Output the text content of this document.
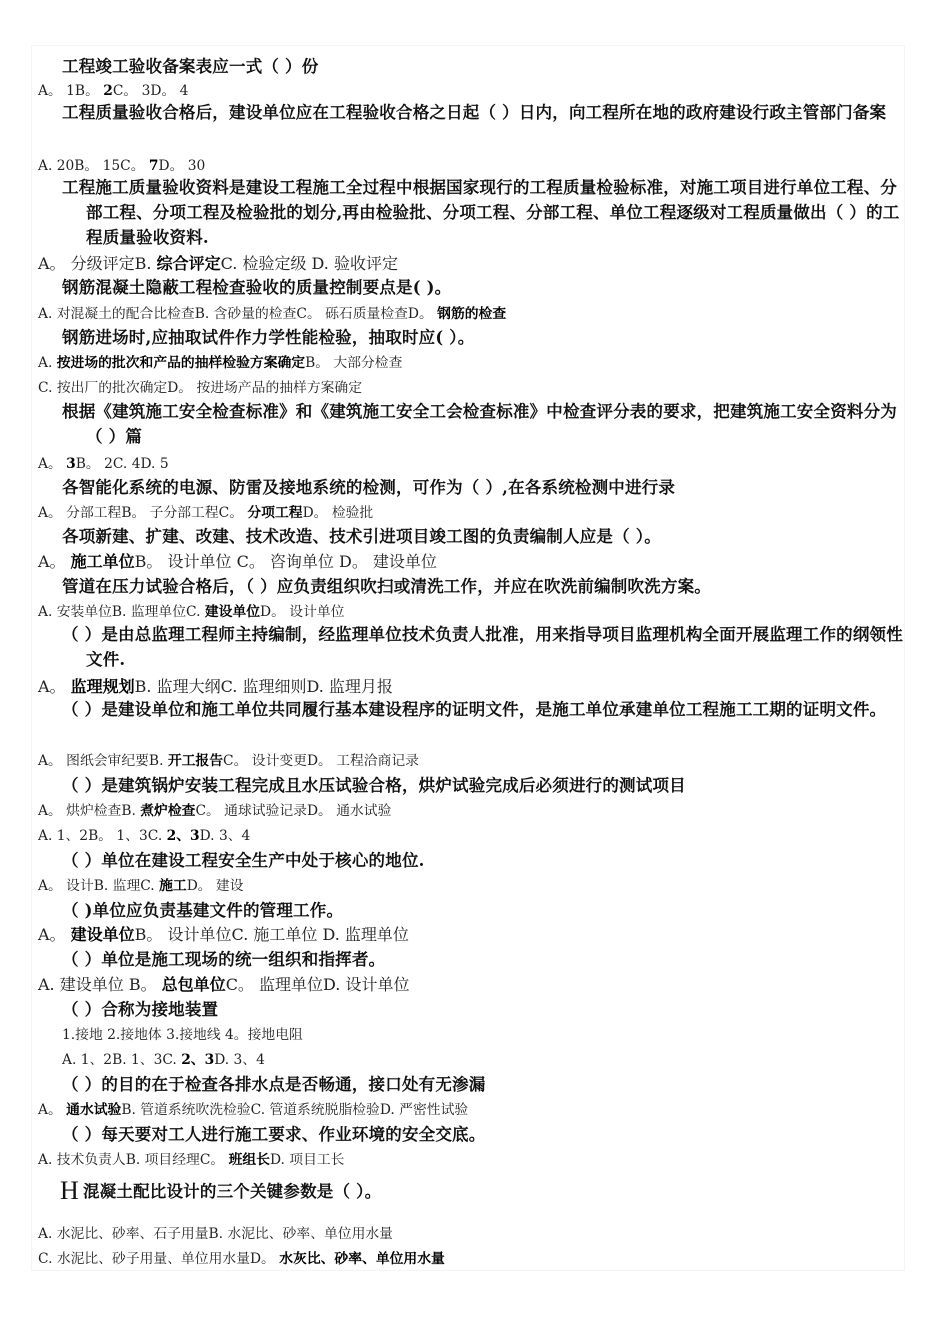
工程竣工验收备案表应一式（ ）份
A。 1B。 2C。 3D。 4
工程质量验收合格后，建设单位应在工程验收合格之日起（ ）日内，向工程所在地的政府建设行政主管部门备案
A. 20B。 15C。 7D。 30
工程施工质量验收资料是建设工程施工全过程中根据国家现行的工程质量检验标准，对施工项目进行单位工程、分部工程、分项工程及检验批的划分,再由检验批、分项工程、分部工程、单位工程逐级对工程质量做出（ ）的工程质量验收资料.
A。 分级评定B. 综合评定C. 检验定级 D. 验收评定
钢筋混凝土隐蔽工程检查验收的质量控制要点是( )。
A. 对混凝土的配合比检查B. 含砂量的检查C。 砾石质量检查D。 钢筋的检查
钢筋进场时,应抽取试件作力学性能检验，抽取时应( ）。
A. 按进场的批次和产品的抽样检验方案确定B。 大部分检查
C. 按出厂的批次确定D。 按进场产品的抽样方案确定
根据《建筑施工安全检查标准》和《建筑施工安全工会检查标准》中检查评分表的要求，把建筑施工安全资料分为（ ）篇
A。 3B。 2C. 4D. 5
各智能化系统的电源、防雷及接地系统的检测，可作为（ ）,在各系统检测中进行录
A。 分部工程B。 子分部工程C。 分项工程D。 检验批
各项新建、扩建、改建、技术改造、技术引进项目竣工图的负责编制人应是（ ）。
A。 施工单位B。 设计单位 C。 咨询单位 D。 建设单位
管道在压力试验合格后，（ ）应负责组织吹扫或清洗工作，并应在吹洗前编制吹洗方案。
A. 安装单位B. 监理单位C. 建设单位D。 设计单位
（ ）是由总监理工程师主持编制，经监理单位技术负责人批准，用来指导项目监理机构全面开展监理工作的纲领性文件.
A。 监理规划B. 监理大纲C. 监理细则D. 监理月报
（ ）是建设单位和施工单位共同履行基本建设程序的证明文件，是施工单位承建单位工程施工工期的证明文件。
A。 图纸会审纪要B. 开工报告C。 设计变更D。 工程洽商记录
（ ）是建筑锅炉安装工程完成且水压试验合格，烘炉试验完成后必须进行的测试项目
A。 烘炉检查B. 煮炉检查C。 通球试验记录D。 通水试验
A. 1、2B。 1、3C. 2、3D. 3、4
（ ）单位在建设工程安全生产中处于核心的地位.
A。 设计B. 监理C. 施工D。 建设
（ )单位应负责基建文件的管理工作。
A。 建设单位B。 设计单位C. 施工单位 D. 监理单位
（ ）单位是施工现场的统一组织和指挥者。
A. 建设单位 B。 总包单位C。 监理单位D. 设计单位
（ ）合称为接地装置
1.接地 2.接地体 3.接地线 4。接地电阻
A. 1、2B. 1、3C. 2、3D. 3、4
（ ）的目的在于检查各排水点是否畅通，接口处有无渗漏
A。 通水试验B. 管道系统吹洗检验C. 管道系统脱脂检验D. 严密性试验
（ ）每天要对工人进行施工要求、作业环境的安全交底。
A. 技术负责人B. 项目经理C。 班组长D. 项目工长
H混凝土配比设计的三个关键参数是（ ）。
A. 水泥比、砂率、石子用量B. 水泥比、砂率、单位用水量
C. 水泥比、砂子用量、单位用水量D。 水灰比、砂率、单位用水量
